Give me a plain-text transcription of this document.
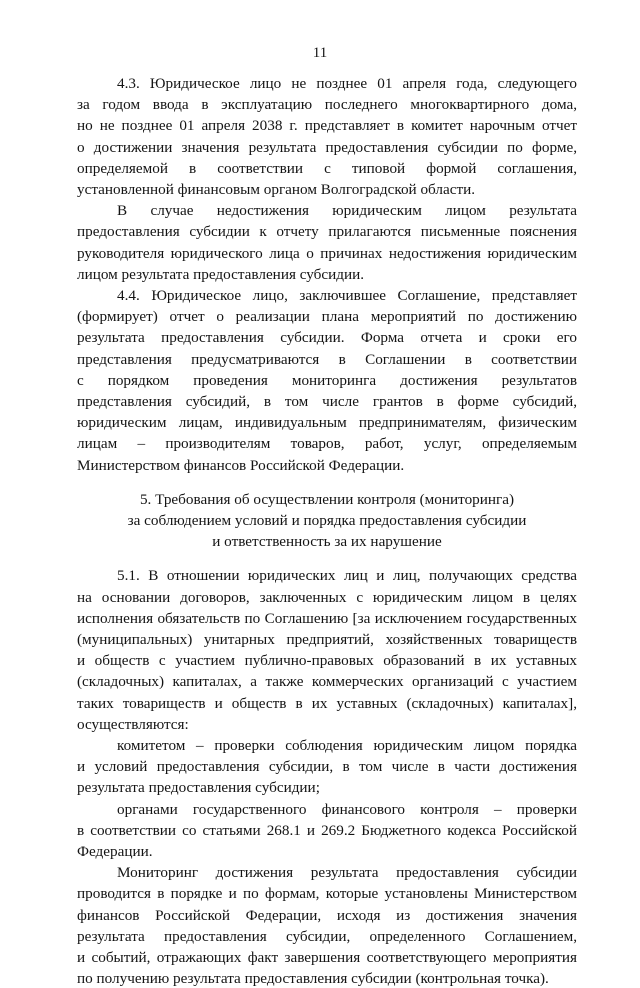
11
4.3. Юридическое лицо не позднее 01 апреля года, следующего
за годом ввода в эксплуатацию последнего многоквартирного дома,
но не позднее 01 апреля 2038 г. представляет в комитет нарочным отчет
о достижении значения результата предоставления субсидии по форме,
определяемой в соответствии с типовой формой соглашения,
установленной финансовым органом Волгоградской области.
В случае недостижения юридическим лицом результата
предоставления субсидии к отчету прилагаются письменные пояснения
руководителя юридического лица о причинах недостижения юридическим
лицом результата предоставления субсидии.
4.4. Юридическое лицо, заключившее Соглашение, представляет
(формирует) отчет о реализации плана мероприятий по достижению
результата предоставления субсидии. Форма отчета и сроки его
представления предусматриваются в Соглашении в соответствии
с порядком проведения мониторинга достижения результатов
представления субсидий, в том числе грантов в форме субсидий,
юридическим лицам, индивидуальным предпринимателям, физическим
лицам – производителям товаров, работ, услуг, определяемым
Министерством финансов Российской Федерации.
5. Требования об осуществлении контроля (мониторинга)
за соблюдением условий и порядка предоставления субсидии
и ответственность за их нарушение
5.1. В отношении юридических лиц и лиц, получающих средства
на основании договоров, заключенных с юридическим лицом в целях
исполнения обязательств по Соглашению [за исключением государственных
(муниципальных) унитарных предприятий, хозяйственных товариществ
и обществ с участием публично-правовых образований в их уставных
(складочных) капиталах, а также коммерческих организаций с участием
таких товариществ и обществ в их уставных (складочных) капиталах],
осуществляются:
комитетом – проверки соблюдения юридическим лицом порядка
и условий предоставления субсидии, в том числе в части достижения
результата предоставления субсидии;
органами государственного финансового контроля – проверки
в соответствии со статьями 268.1 и 269.2 Бюджетного кодекса Российской
Федерации.
Мониторинг достижения результата предоставления субсидии
проводится в порядке и по формам, которые установлены Министерством
финансов Российской Федерации, исходя из достижения значения
результата предоставления субсидии, определенного Соглашением,
и событий, отражающих факт завершения соответствующего мероприятия
по получению результата предоставления субсидии (контрольная точка).
